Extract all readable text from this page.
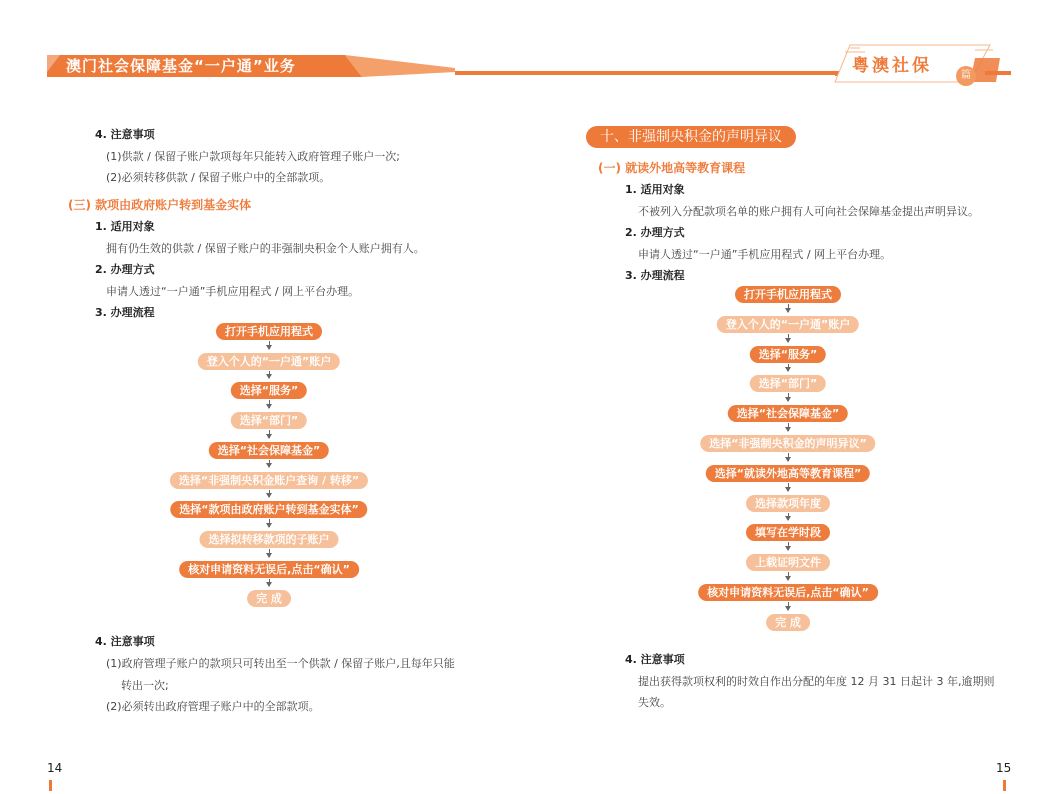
澳门社会保障基金“一户通”业务	粤澳社保	篇
4. 注意事项
(1)供款 / 保留子账户款项每年只能转入政府管理子账户一次;
(2)必须转移供款 / 保留子账户中的全部款项。
(三) 款项由政府账户转到基金实体
1. 适用对象
拥有仍生效的供款 / 保留子账户的非强制央积金个人账户拥有人。
2. 办理方式
申请人透过“一户通”手机应用程式 / 网上平台办理。
3. 办理流程
打开手机应用程式
登入个人的“一户通”账户
选择“服务”
选择“部门”
选择“社会保障基金”
选择“非强制央积金账户查询 / 转移”
选择“款项由政府账户转到基金实体”
选择拟转移款项的子账户
核对申请资料无误后,点击“确认”
完 成
4. 注意事项
(1)政府管理子账户的款项只可转出至一个供款 / 保留子账户,且每年只能
转出一次;
(2)必须转出政府管理子账户中的全部款项。
14
十、非强制央积金的声明异议
(一) 就读外地高等教育课程
1. 适用对象
不被列入分配款项名单的账户拥有人可向社会保障基金提出声明异议。
2. 办理方式
申请人透过“一户通”手机应用程式 / 网上平台办理。
3. 办理流程
打开手机应用程式
登入个人的“一户通”账户
选择“服务”
选择“部门”
选择“社会保障基金”
选择“非强制央积金的声明异议”
选择“就读外地高等教育课程”
选择款项年度
填写在学时段
上载证明文件
核对申请资料无误后,点击“确认”
完 成
4. 注意事项
提出获得款项权利的时效自作出分配的年度 12 月 31 日起计 3 年,逾期则
失效。
15
